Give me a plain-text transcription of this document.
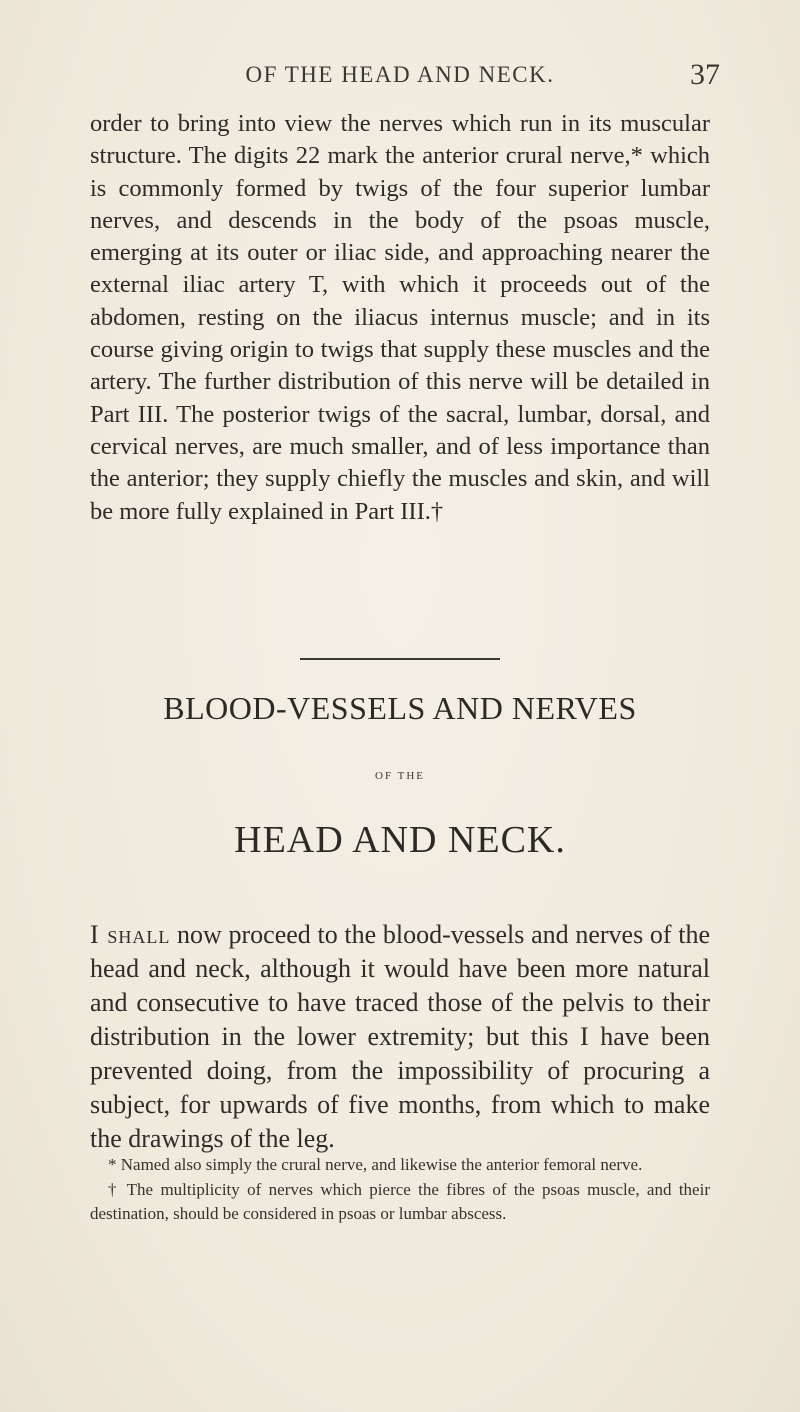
OF THE HEAD AND NECK.	37

order to bring into view the nerves which run in its muscular structure. The digits 22 mark the anterior crural nerve,* which is commonly formed by twigs of the four superior lumbar nerves, and descends in the body of the psoas muscle, emerging at its outer or iliac side, and approaching nearer the external iliac artery T, with which it proceeds out of the abdomen, resting on the iliacus internus muscle; and in its course giving origin to twigs that supply these muscles and the artery. The further distribution of this nerve will be detailed in Part III. The posterior twigs of the sacral, lumbar, dorsal, and cervical nerves, are much smaller, and of less importance than the anterior; they supply chiefly the muscles and skin, and will be more fully explained in Part III.†

BLOOD-VESSELS AND NERVES
OF THE
HEAD AND NECK.

I shall now proceed to the blood-vessels and nerves of the head and neck, although it would have been more natural and consecutive to have traced those of the pelvis to their distribution in the lower extremity; but this I have been prevented doing, from the impossibility of procuring a subject, for upwards of five months, from which to make the drawings of the leg.

* Named also simply the crural nerve, and likewise the anterior femoral nerve.

† The multiplicity of nerves which pierce the fibres of the psoas muscle, and their destination, should be considered in psoas or lumbar abscess.
